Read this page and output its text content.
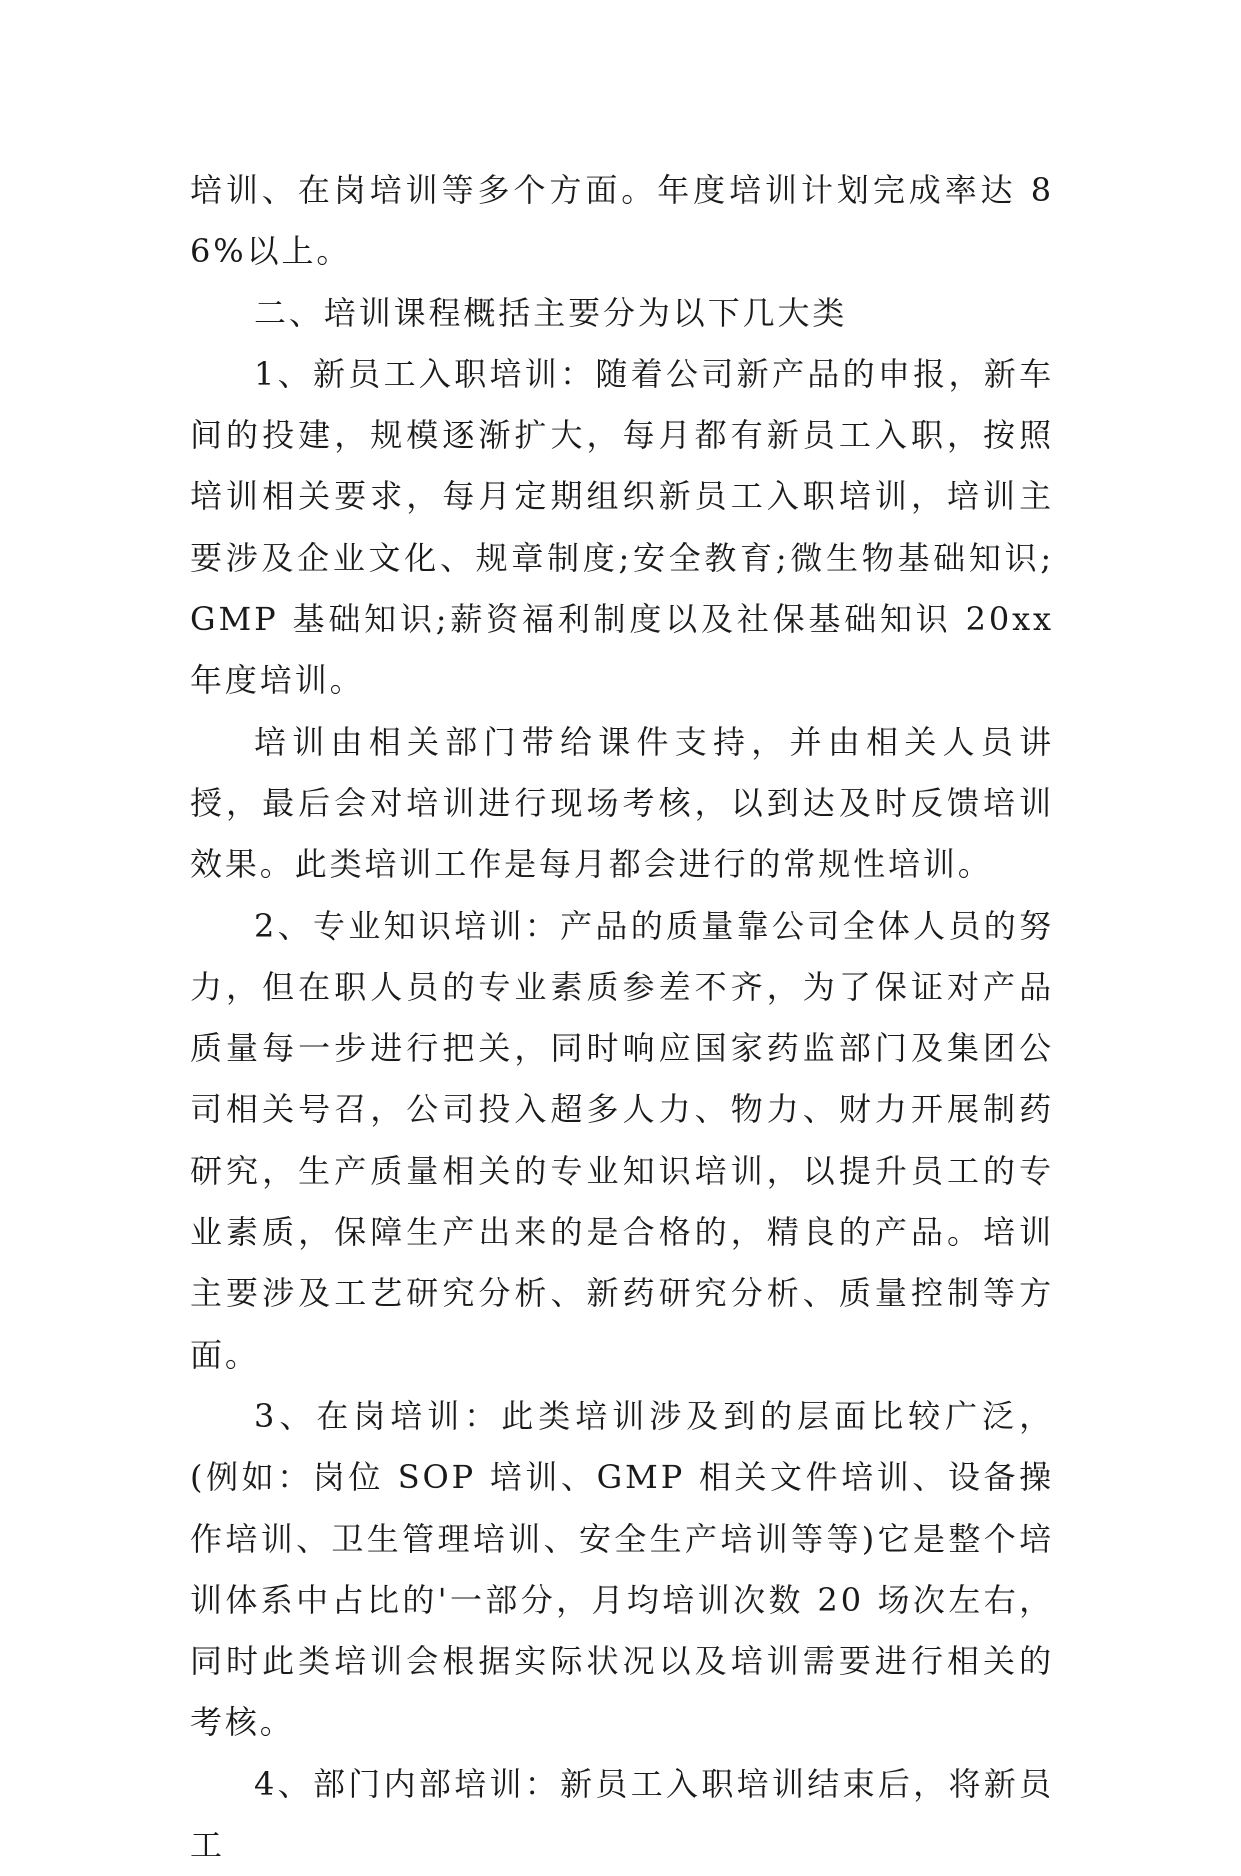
培训、在岗培训等多个方面。年度培训计划完成率达 86%以上。

二、培训课程概括主要分为以下几大类

1、新员工入职培训：随着公司新产品的申报，新车间的投建，规模逐渐扩大，每月都有新员工入职，按照培训相关要求，每月定期组织新员工入职培训，培训主要涉及企业文化、规章制度;安全教育;微生物基础知识;GMP 基础知识;薪资福利制度以及社保基础知识 20xx 年度培训。

培训由相关部门带给课件支持，并由相关人员讲授，最后会对培训进行现场考核，以到达及时反馈培训效果。此类培训工作是每月都会进行的常规性培训。

2、专业知识培训：产品的质量靠公司全体人员的努力，但在职人员的专业素质参差不齐，为了保证对产品质量每一步进行把关，同时响应国家药监部门及集团公司相关号召，公司投入超多人力、物力、财力开展制药研究，生产质量相关的专业知识培训，以提升员工的专业素质，保障生产出来的是合格的，精良的产品。培训主要涉及工艺研究分析、新药研究分析、质量控制等方面。

3、在岗培训：此类培训涉及到的层面比较广泛，(例如：岗位 SOP 培训、GMP 相关文件培训、设备操作培训、卫生管理培训、安全生产培训等等)它是整个培训体系中占比的'一部分，月均培训次数 20 场次左右，同时此类培训会根据实际状况以及培训需要进行相关的考核。

4、部门内部培训：新员工入职培训结束后，将新员工
